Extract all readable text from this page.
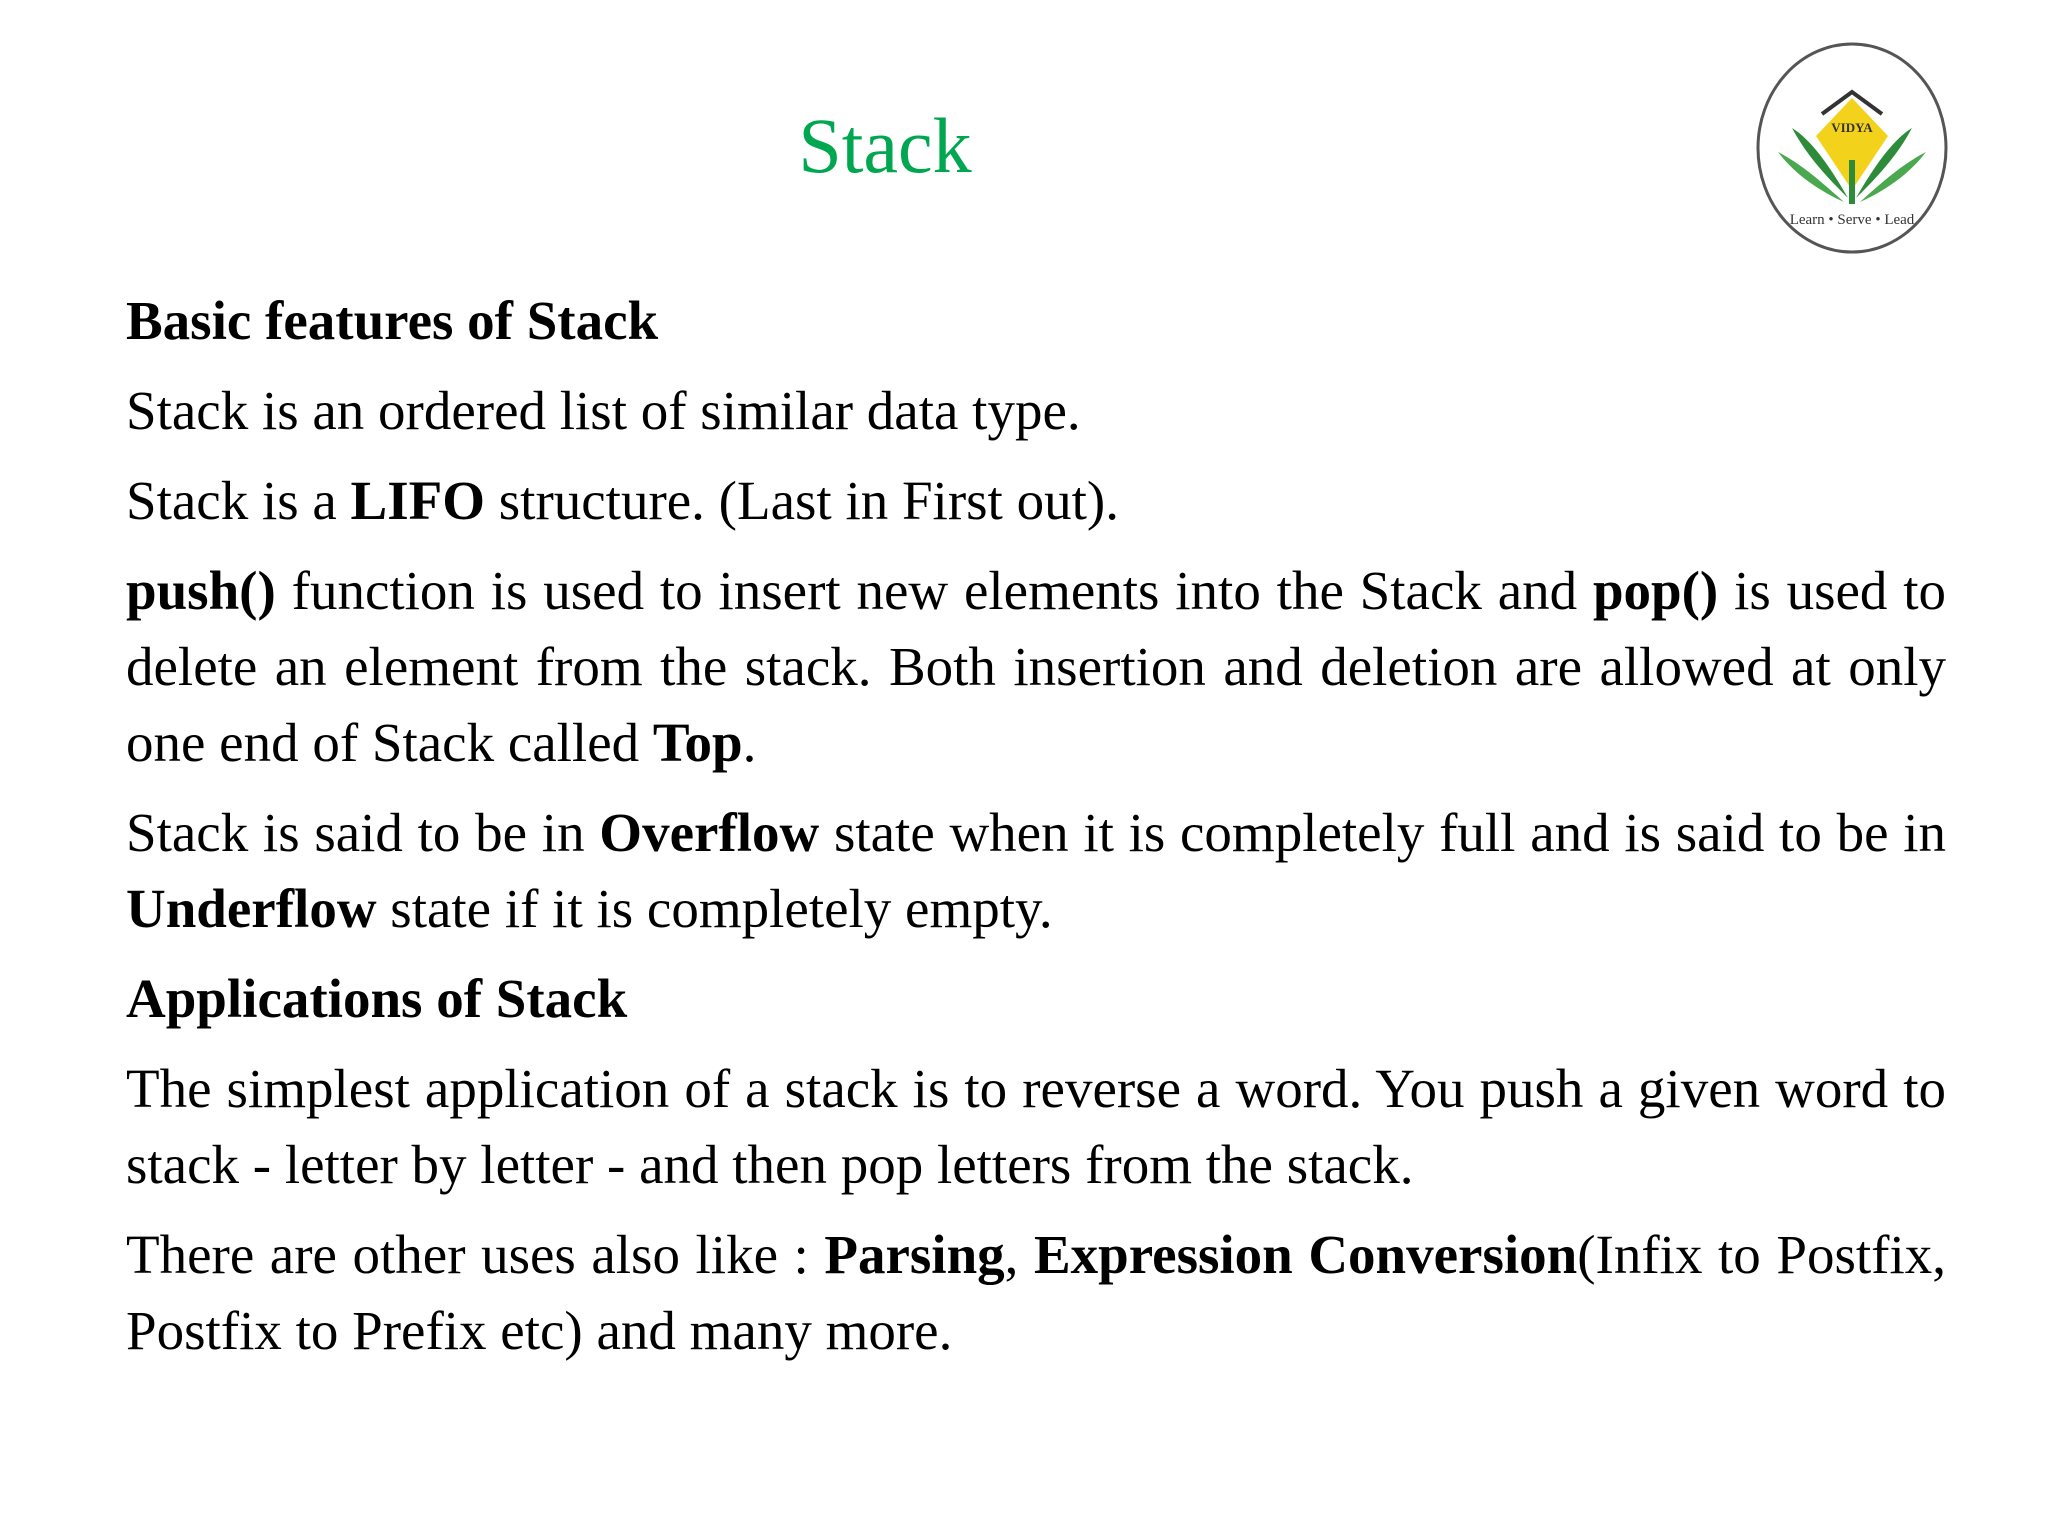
Stack	VIDYA
Learn • Serve • Lead

Basic features of Stack

Stack is an ordered list of similar data type.

Stack is a LIFO structure. (Last in First out).

push() function is used to insert new elements into the Stack and pop() is used to delete an element from the stack. Both insertion and deletion are allowed at only one end of Stack called Top.

Stack is said to be in Overflow state when it is completely full and is said to be in Underflow state if it is completely empty.

Applications of Stack

The simplest application of a stack is to reverse a word. You push a given word to stack - letter by letter - and then pop letters from the stack.

There are other uses also like : Parsing, Expression Conversion(Infix to Postfix, Postfix to Prefix etc) and many more.
